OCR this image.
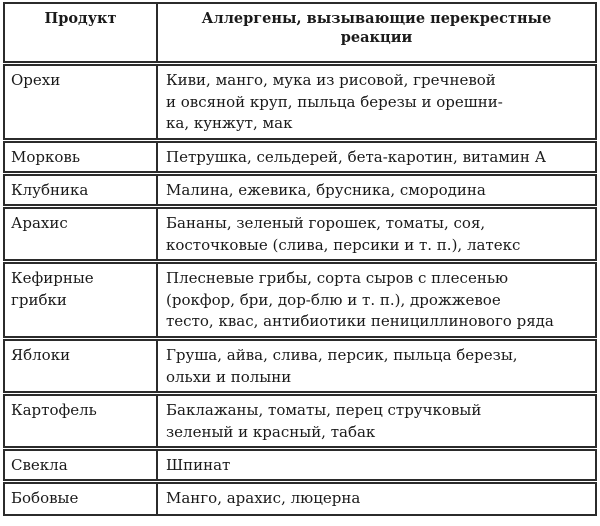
Продукт	Аллергены, вызывающие перекрестные реакции
Орехи	Киви, манго, мука из рисовой, гречневой
и овсяной круп, пыльца березы и орешни-
ка, кунжут, мак
Морковь	Петрушка, сельдерей, бета-каротин, витамин А
Клубника	Малина, ежевика, брусника, смородина
Арахис	Бананы, зеленый горошек, томаты, соя,
косточковые (слива, персики и т. п.), латекс
Кефирные
грибки	Плесневые грибы, сорта сыров с плесенью
(рокфор, бри, дор-блю и т. п.), дрожжевое
тесто, квас, антибиотики пенициллинового ряда
Яблоки	Груша, айва, слива, персик, пыльца березы,
ольхи и полыни
Картофель	Баклажаны, томаты, перец стручковый
зеленый и красный, табак
Свекла	Шпинат
Бобовые	Манго, арахис, люцерна
